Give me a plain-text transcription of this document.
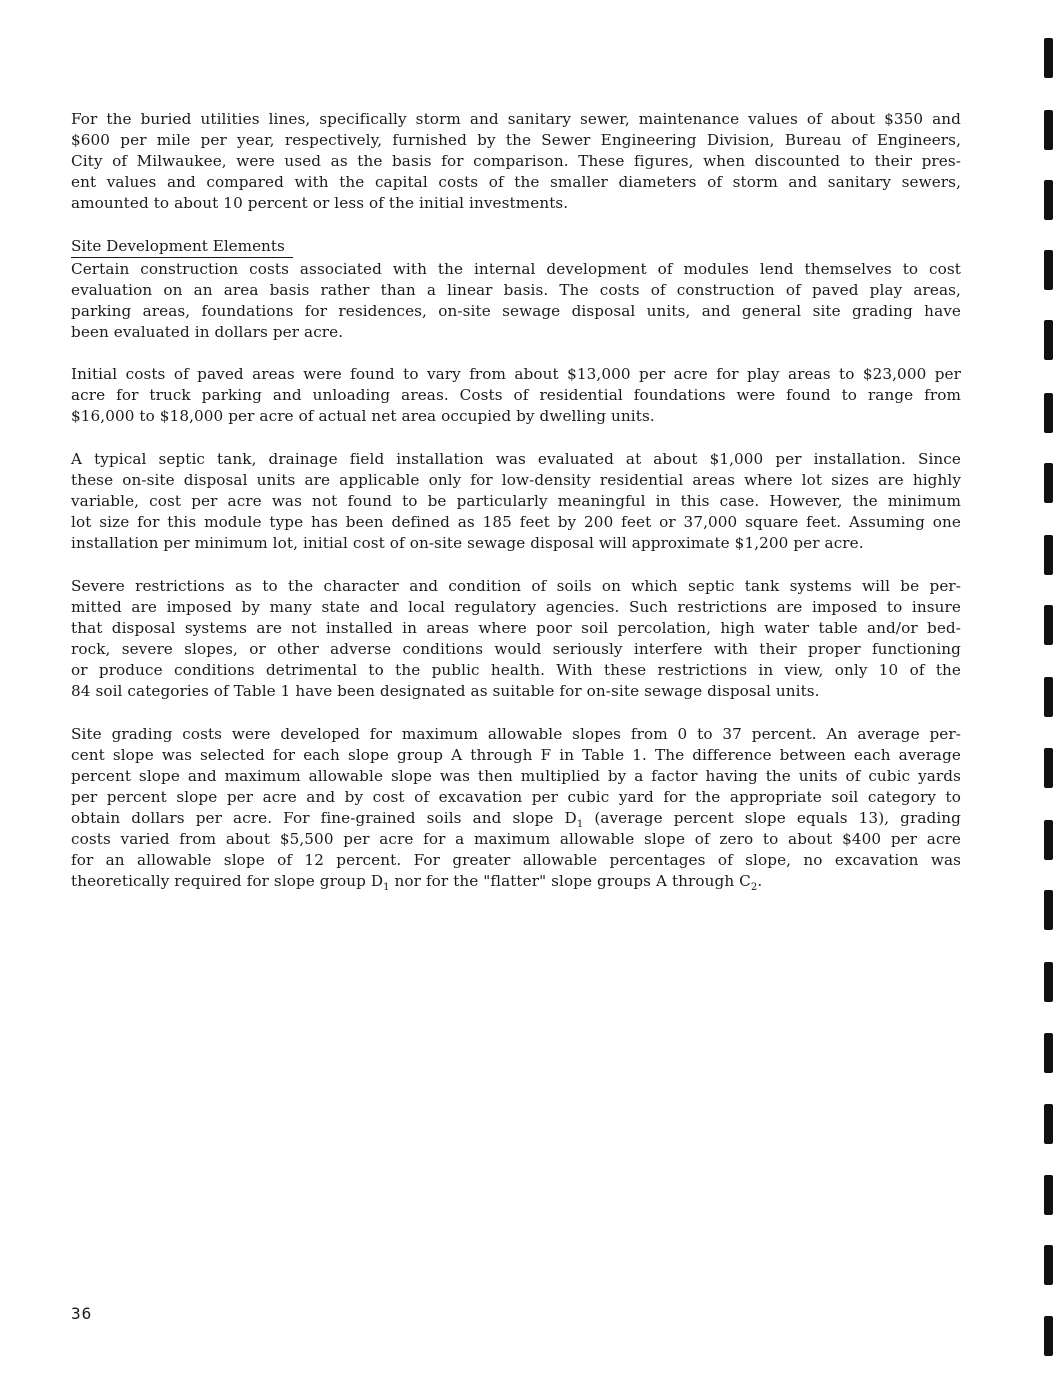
For the buried utilities lines, specifically storm and sanitary sewer, maintenance values of about $350 and
$600 per mile per year, respectively, furnished by the Sewer Engineering Division, Bureau of Engineers,
City of Milwaukee, were used as the basis for comparison. These figures, when discounted to their pres-
ent values and compared with the capital costs of the smaller diameters of storm and sanitary sewers,
amounted to about 10 percent or less of the initial investments.
Site Development Elements
Certain construction costs associated with the internal development of modules lend themselves to cost
evaluation on an area basis rather than a linear basis. The costs of construction of paved play areas,
parking areas, foundations for residences, on-site sewage disposal units, and general site grading have
been evaluated in dollars per acre.
Initial costs of paved areas were found to vary from about $13,000 per acre for play areas to $23,000 per
acre for truck parking and unloading areas. Costs of residential foundations were found to range from
$16,000 to $18,000 per acre of actual net area occupied by dwelling units.
A typical septic tank, drainage field installation was evaluated at about $1,000 per installation. Since
these on-site disposal units are applicable only for low-density residential areas where lot sizes are highly
variable, cost per acre was not found to be particularly meaningful in this case. However, the minimum
lot size for this module type has been defined as 185 feet by 200 feet or 37,000 square feet. Assuming one
installation per minimum lot, initial cost of on-site sewage disposal will approximate $1,200 per acre.
Severe restrictions as to the character and condition of soils on which septic tank systems will be per-
mitted are imposed by many state and local regulatory agencies. Such restrictions are imposed to insure
that disposal systems are not installed in areas where poor soil percolation, high water table and/or bed-
rock, severe slopes, or other adverse conditions would seriously interfere with their proper functioning
or produce conditions detrimental to the public health. With these restrictions in view, only 10 of the
84 soil categories of Table 1 have been designated as suitable for on-site sewage disposal units.
Site grading costs were developed for maximum allowable slopes from 0 to 37 percent. An average per-
cent slope was selected for each slope group A through F in Table 1. The difference between each average
percent slope and maximum allowable slope was then multiplied by a factor having the units of cubic yards
per percent slope per acre and by cost of excavation per cubic yard for the appropriate soil category to
obtain dollars per acre. For fine-grained soils and slope $D_1$ (average percent slope equals 13), grading
costs varied from about $5,500 per acre for a maximum allowable slope of zero to about $400 per acre
for an allowable slope of 12 percent. For greater allowable percentages of slope, no excavation was
theoretically required for slope group $D_1$ nor for the "flatter" slope groups A through $C_2$.
36
